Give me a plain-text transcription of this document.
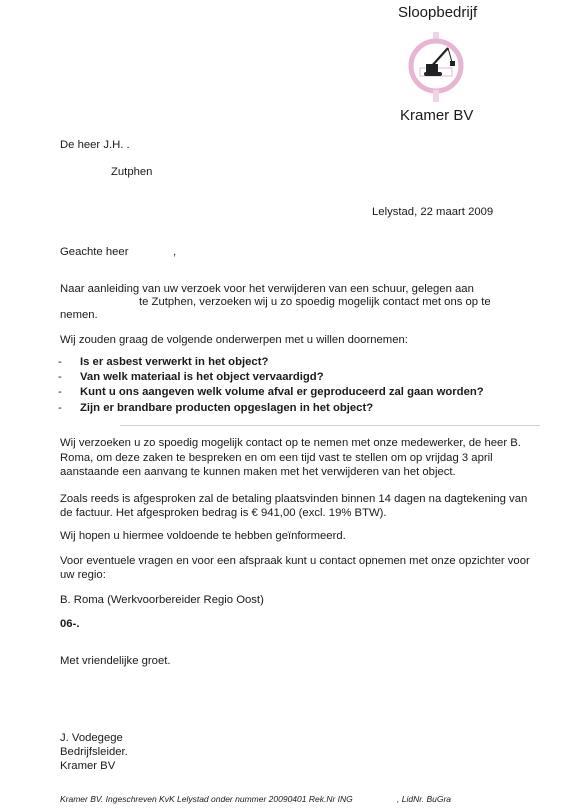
Sloopbedrijf
Kramer BV
De heer J.H. .
Zutphen
Lelystad, 22 maart 2009
Geachte heer	,
Naar aanleiding van uw verzoek voor het verwijderen van een schuur, gelegen aan
te Zutphen, verzoeken wij u zo spoedig mogelijk contact met ons op te
nemen.
Wij zouden graag de volgende onderwerpen met u willen doornemen:
- Is er asbest verwerkt in het object?
- Van welk materiaal is het object vervaardigd?
- Kunt u ons aangeven welk volume afval er geproduceerd zal gaan worden?
- Zijn er brandbare producten opgeslagen in het object?
Wij verzoeken u zo spoedig mogelijk contact op te nemen met onze medewerker, de heer B.
Roma, om deze zaken te bespreken en om een tijd vast te stellen om op vrijdag 3 april
aanstaande een aanvang te kunnen maken met het verwijderen van het object.
Zoals reeds is afgesproken zal de betaling plaatsvinden binnen 14 dagen na dagtekening van
de factuur. Het afgesproken bedrag is € 941,00 (excl. 19% BTW).
Wij hopen u hiermee voldoende te hebben geïnformeerd.
Voor eventuele vragen en voor een afspraak kunt u contact opnemen met onze opzichter voor
uw regio:
B. Roma (Werkvoorbereider Regio Oost)
06-.
Met vriendelijke groet.
J. Vodegege
Bedrijfsleider.
Kramer BV
Kramer BV. Ingeschreven KvK Lelystad onder nummer 20090401 Rek.Nr ING	, LidNr. BuGra
